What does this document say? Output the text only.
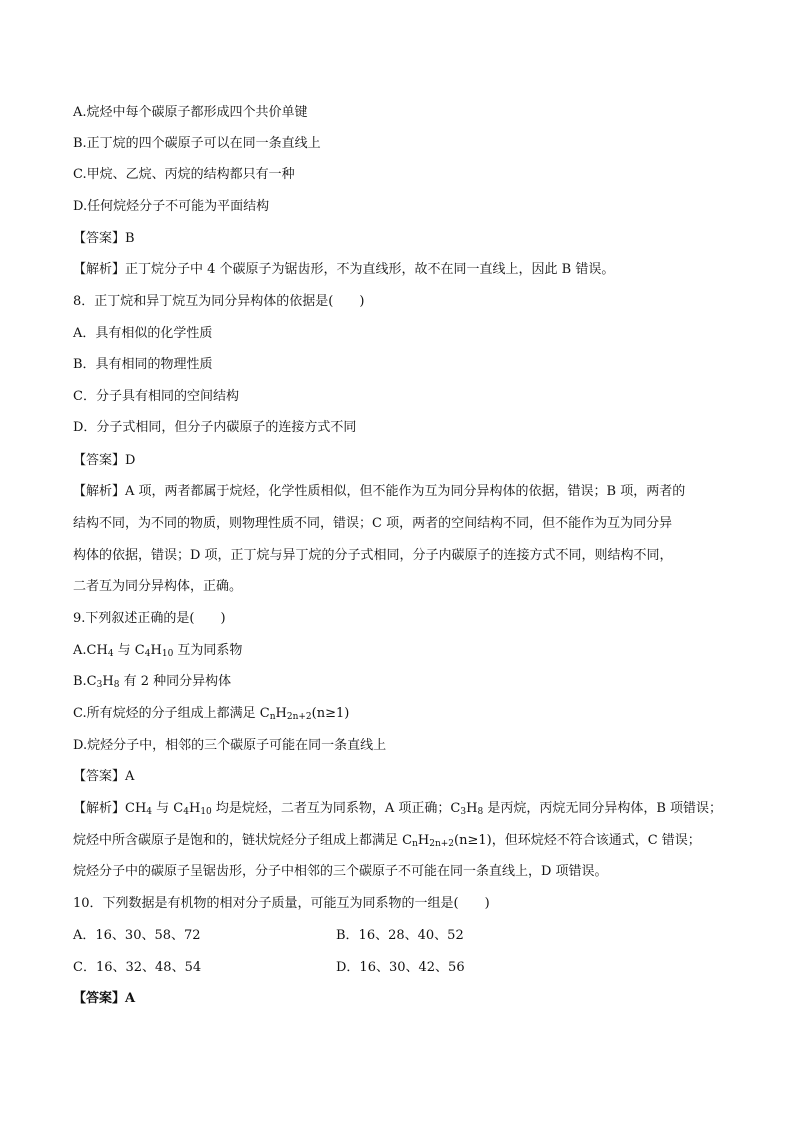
A.烷烃中每个碳原子都形成四个共价单键
B.正丁烷的四个碳原子可以在同一条直线上
C.甲烷、乙烷、丙烷的结构都只有一种
D.任何烷烃分子不可能为平面结构
【答案】B
【解析】正丁烷分子中 4 个碳原子为锯齿形，不为直线形，故不在同一直线上，因此 B 错误。
8．正丁烷和异丁烷互为同分异构体的依据是(　　)
A．具有相似的化学性质
B．具有相同的物理性质
C．分子具有相同的空间结构
D．分子式相同，但分子内碳原子的连接方式不同
【答案】D
【解析】A 项，两者都属于烷烃，化学性质相似，但不能作为互为同分异构体的依据，错误；B 项，两者的
结构不同，为不同的物质，则物理性质不同，错误；C 项，两者的空间结构不同，但不能作为互为同分异
构体的依据，错误；D 项，正丁烷与异丁烷的分子式相同，分子内碳原子的连接方式不同，则结构不同，
二者互为同分异构体，正确。
9.下列叙述正确的是(　　)
$A.CH_4$ 与 $C_4H_{10}$ 互为同系物
$B.C_3H_8$ 有 2 种同分异构体
C.所有烷烃的分子组成上都满足 $C_nH_{2n+2}(n\ge 1)$
D.烷烃分子中，相邻的三个碳原子可能在同一条直线上
【答案】A
【解析】$CH_4$ 与 $C_4H_{10}$ 均是烷烃，二者互为同系物，A 项正确；$C_3H_8$ 是丙烷，丙烷无同分异构体，B 项错误；
烷烃中所含碳原子是饱和的，链状烷烃分子组成上都满足 $C_nH_{2n+2}(n\ge 1)$，但环烷烃不符合该通式，C 错误；
烷烃分子中的碳原子呈锯齿形，分子中相邻的三个碳原子不可能在同一条直线上，D 项错误。
10．下列数据是有机物的相对分子质量，可能互为同系物的一组是(　　)
A．16、30、58、72	B．16、28、40、52
C．16、32、48、54	D．16、30、42、56
【答案】A
